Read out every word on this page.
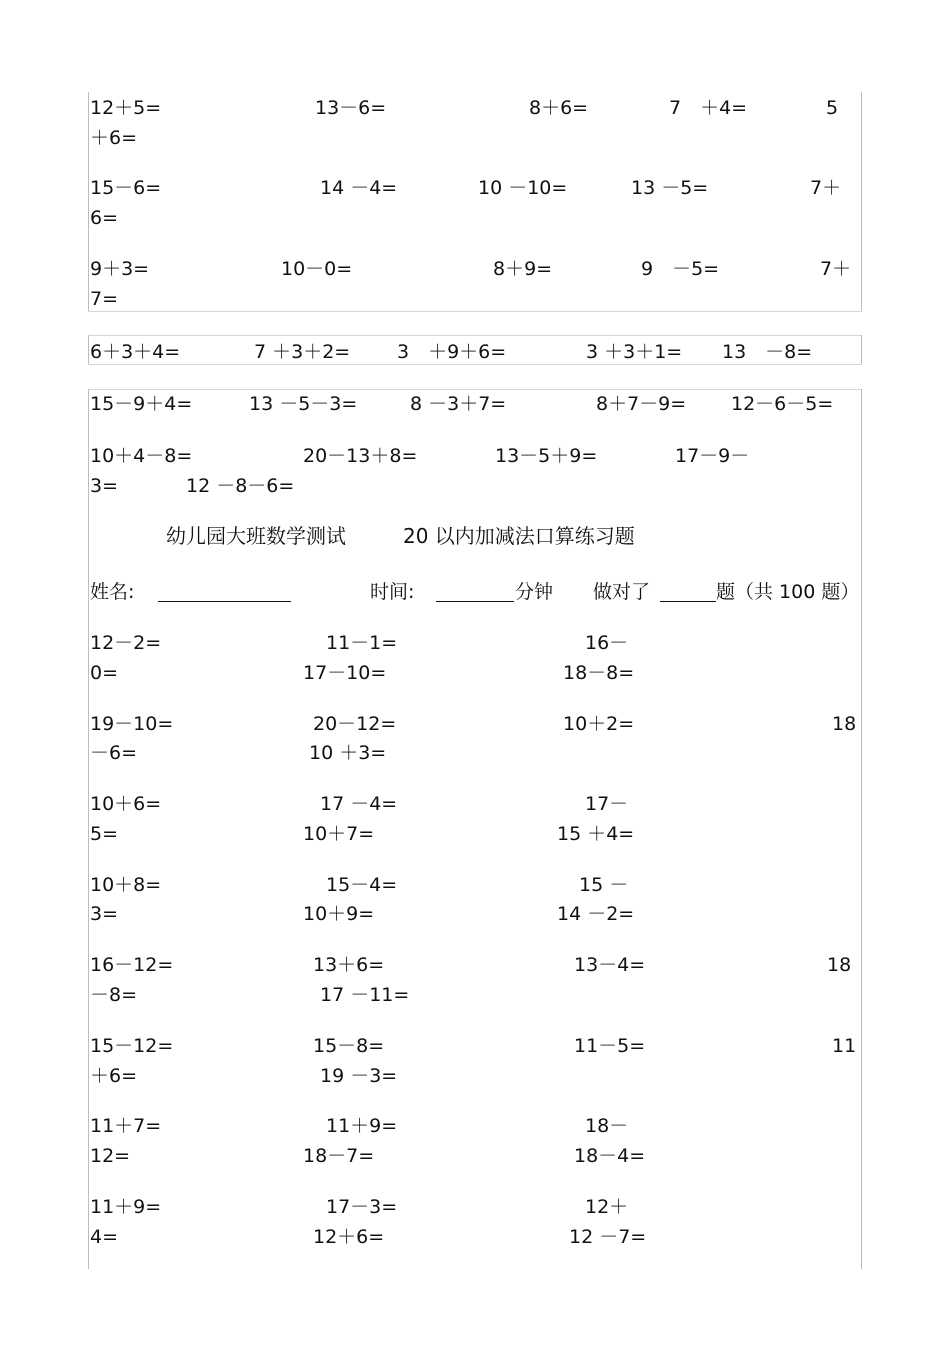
12＋5=	13－6=	8＋6=	7　＋4=	5
＋6=
15－6=	14 －4=	10 －10=	13 －5=	7＋
6=
9＋3=	10－0=	8＋9=	9　－5=	7＋
7=
6＋3＋4=	7 ＋3＋2= 3　＋9＋6=	3 ＋3＋1= 13　－8=
15－9＋4=	13 －5－3=	8 －3＋7=	8＋7－9= 12－6－5=
10＋4－8=	20－13＋8=	13－5＋9=	17－9－
3=	12 －8－6=
幼儿园大班数学测试	20 以内加减法口算练习题
姓名:	时间:	分钟 做对了	题（共 100 题）
12－2=	11－1=	16－
0=	17－10=	18－8=
19－10=	20－12=	10＋2=	18
－6=	10 ＋3=
10＋6=	17 －4=	17－
5=	10＋7=	15 ＋4=
10＋8=	15－4=	15 －
3=	10＋9=	14 －2=
16－12=	13＋6=	13－4=	18
－8=	17 －11=
15－12=	15－8=	11－5=	11
＋6=	19 －3=
11＋7=	11＋9=	18－
12=	18－7=	18－4=
11＋9=	17－3=	12＋
4=	12＋6=	12 －7=
